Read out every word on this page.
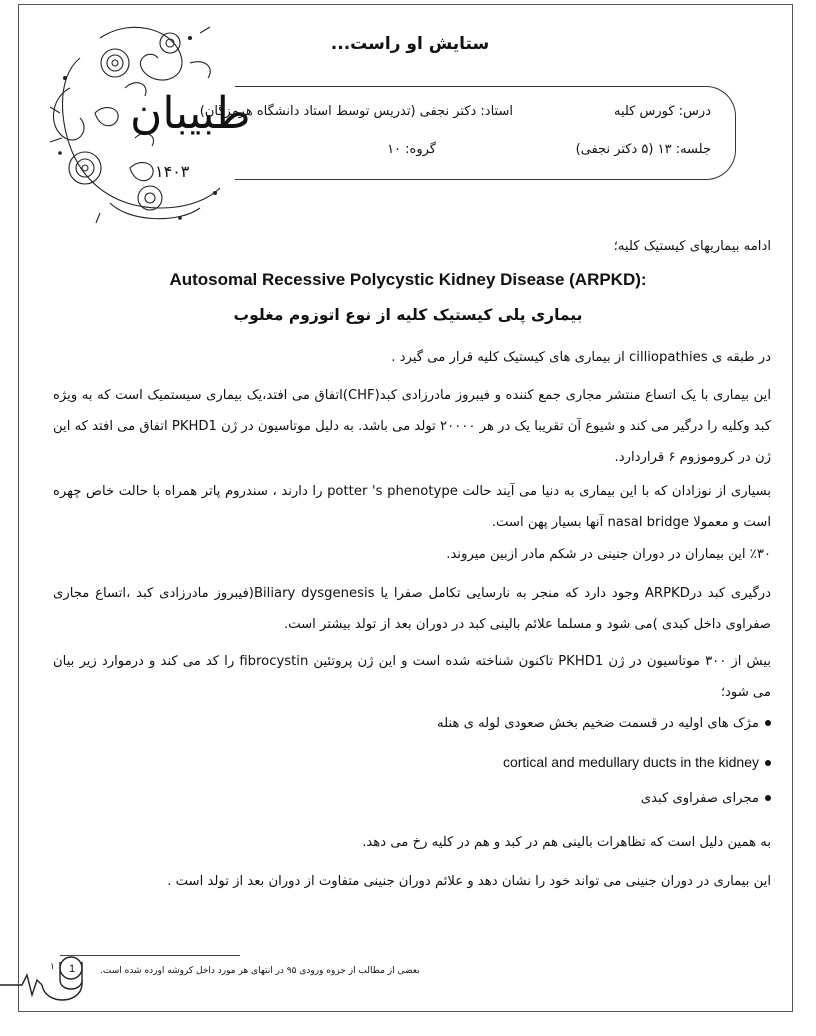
طبیبان
۱۴۰۳
ستایش او راست...
درس: کورس کلیه
استاد: دکتر نجفی (تدریس توسط استاد دانشگاه هرمزگان)
جلسه: ۱۳ (۵ دکتر نجفی)
گروه: ۱۰
ادامه بیماریهای کیستیک کلیه؛
Autosomal Recessive Polycystic Kidney Disease (ARPKD):
بیماری پلی کیستیک کلیه از نوع اتوزوم مغلوب
در طبقه ی cilliopathies از بیماری های کیستیک کلیه قرار می گیرد .
این بیماری با یک اتساع منتشر مجاری جمع کننده و فیبروز مادرزادی کبد(CHF)اتفاق می افتد،یک بیماری سیستمیک است که به ویژه کبد وکلیه را درگیر می کند و شیوع آن تقریبا یک در هر ۲۰۰۰۰ تولد می باشد. به دلیل موتاسیون در ژن PKHD1 اتفاق می افتد که این ژن در کروموزوم ۶ قراردارد.
بسیاری از نوزادان که با این بیماری به دنیا می آیند حالت potter 's phenotype را دارند ، سندروم پاتر همراه با حالت خاص چهره است و معمولا nasal bridge آنها بسیار پهن است.
٪۳۰ این بیماران در دوران جنینی در شکم مادر ازبین میروند.
درگیری کبد درARPKD وجود دارد که منجر به نارسایی تکامل صفرا یا Biliary dysgenesis(فیبروز مادرزادی کبد ،اتساع مجاری صفراوی داخل کبدی )می شود و مسلما علائم بالینی کبد در دوران بعد از تولد بیشتر است.
بیش از ۳۰۰ موتاسیون در ژن PKHD1 تاکنون شناخته شده است و این ژن پروتئین fibrocystin را کد می کند و درموارد زیر بیان می شود؛
مژک های اولیه در قسمت ضخیم بخش صعودی لوله ی هنله
cortical and medullary ducts in the kidney
مجرای صفراوی کبدی
به همین دلیل است که تظاهرات بالینی هم در کبد و هم در کلیه رخ می دهد.
این بیماری در دوران جنینی می تواند خود را نشان دهد و علائم دوران جنینی متفاوت از دوران بعد از تولد است .
بعضی از مطالب از جزوه ورودی ۹۵ در انتهای هر مورد داخل کروشه اورده شده است.
1
۱
